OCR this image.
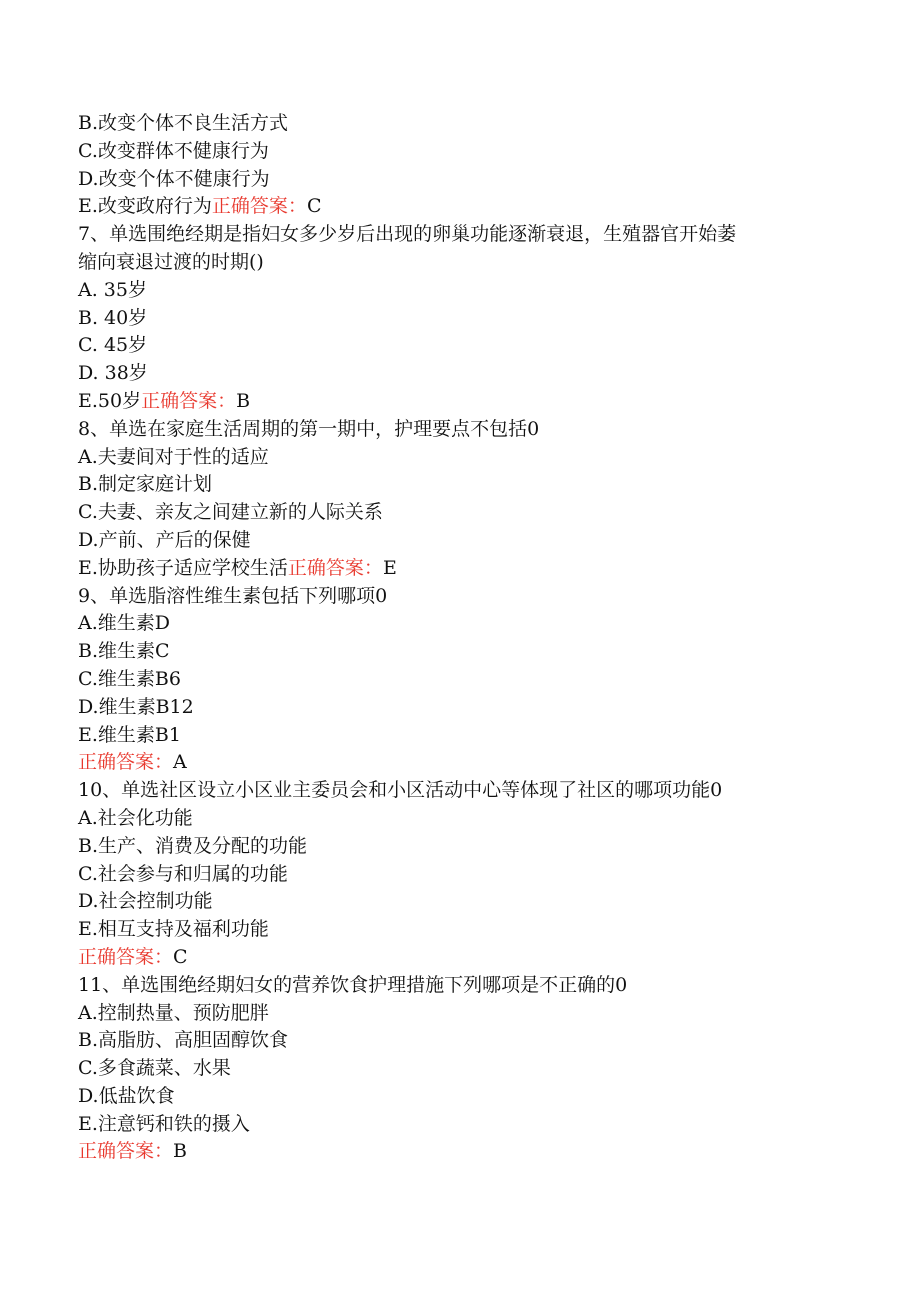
B.改变个体不良生活方式
C.改变群体不健康行为
D.改变个体不健康行为
E.改变政府行为正确答案：C
7、单选围绝经期是指妇女多少岁后出现的卵巢功能逐渐衰退，生殖器官开始萎
缩向衰退过渡的时期()
A. 35岁
B. 40岁
C. 45岁
D. 38岁
E.50岁正确答案：B
8、单选在家庭生活周期的第一期中，护理要点不包括0
A.夫妻间对于性的适应
B.制定家庭计划
C.夫妻、亲友之间建立新的人际关系
D.产前、产后的保健
E.协助孩子适应学校生活正确答案：E
9、单选脂溶性维生素包括下列哪项0
A.维生素D
B.维生素C
C.维生素B6
D.维生素B12
E.维生素B1
正确答案：A
10、单选社区设立小区业主委员会和小区活动中心等体现了社区的哪项功能0
A.社会化功能
B.生产、消费及分配的功能
C.社会参与和归属的功能
D.社会控制功能
E.相互支持及福利功能
正确答案：C
11、单选围绝经期妇女的营养饮食护理措施下列哪项是不正确的0
A.控制热量、预防肥胖
B.高脂肪、高胆固醇饮食
C.多食蔬菜、水果
D.低盐饮食
E.注意钙和铁的摄入
正确答案：B
